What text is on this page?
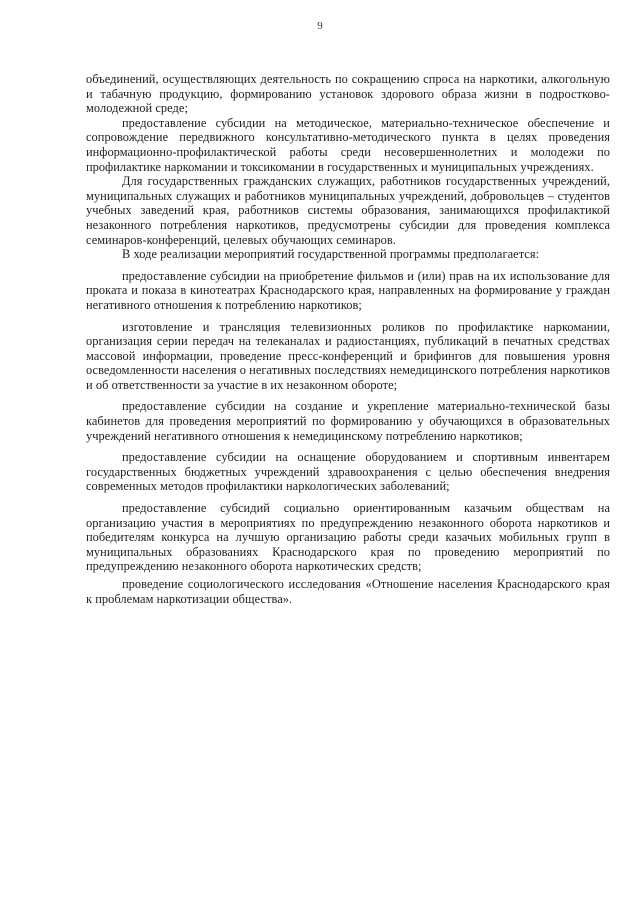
9

объединений, осуществляющих деятельность по сокращению спроса на наркотики, алкогольную и табачную продукцию, формированию установок здорового образа жизни в подростково-молодежной среде;

предоставление субсидии на методическое, материально-техническое обеспечение и сопровождение передвижного консультативно-методического пункта в целях проведения информационно-профилактической работы среди несовершеннолетних и молодежи по профилактике наркомании и токсикомании в государственных и муниципальных учреждениях.

Для государственных гражданских служащих, работников государственных учреждений, муниципальных служащих и работников муниципальных учреждений, добровольцев – студентов учебных заведений края, работников системы образования, занимающихся профилактикой незаконного потребления наркотиков, предусмотрены субсидии для проведения комплекса семинаров-конференций, целевых обучающих семинаров.

В ходе реализации мероприятий государственной программы предполагается:

предоставление субсидии на приобретение фильмов и (или) прав на их использование для проката и показа в кинотеатрах Краснодарского края, направленных на формирование у граждан негативного отношения к потреблению наркотиков;

изготовление и трансляция телевизионных роликов по профилактике наркомании, организация серии передач на телеканалах и радиостанциях, публикаций в печатных средствах массовой информации, проведение пресс-конференций и брифингов для повышения уровня осведомленности населения о негативных последствиях немедицинского потребления наркотиков и об ответственности за участие в их незаконном обороте;

предоставление субсидии на создание и укрепление материально-технической базы кабинетов для проведения мероприятий по формированию у обучающихся в образовательных учреждений негативного отношения к немедицинскому потреблению наркотиков;

предоставление субсидии на оснащение оборудованием и спортивным инвентарем государственных бюджетных учреждений здравоохранения с целью обеспечения внедрения современных методов профилактики наркологических заболеваний;

предоставление субсидий социально ориентированным казачьим обществам на организацию участия в мероприятиях по предупреждению незаконного оборота наркотиков и победителям конкурса на лучшую организацию работы среди казачьих мобильных групп в муниципальных образованиях Краснодарского края по проведению мероприятий по предупреждению незаконного оборота наркотических средств;

проведение социологического исследования «Отношение населения Краснодарского края к проблемам наркотизации общества».
